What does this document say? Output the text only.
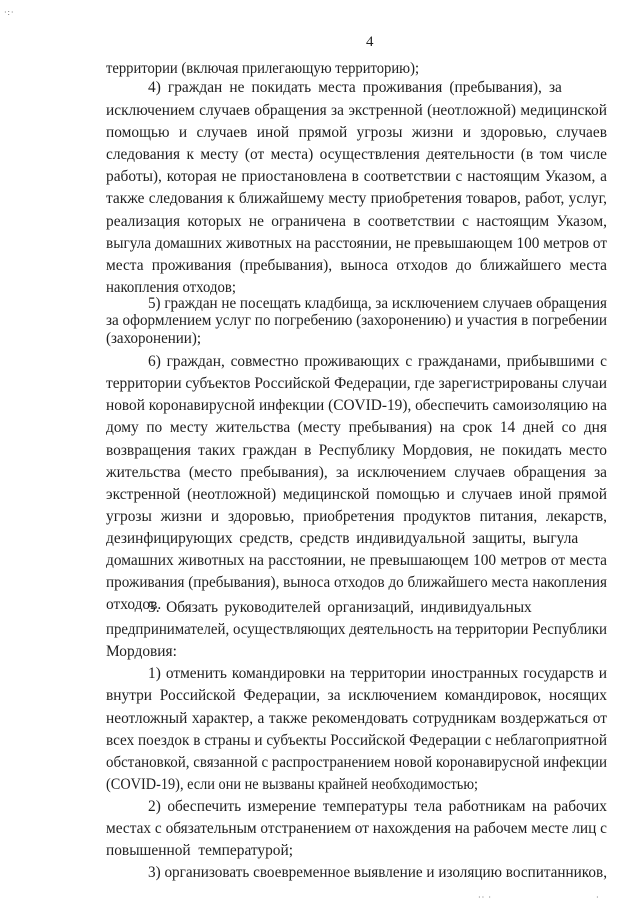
·:·
4
территории (включая прилегающую территорию);
4) граждан не покидать места проживания (пребывания), за
исключением случаев обращения за экстренной (неотложной) медицинской
помощью и случаев иной прямой угрозы жизни и здоровью, случаев
следования к месту (от места) осуществления деятельности (в том числе
работы), которая не приостановлена в соответствии с настоящим Указом, а
также следования к ближайшему месту приобретения товаров, работ, услуг,
реализация которых не ограничена в соответствии с настоящим Указом,
выгула домашних животных на расстоянии, не превышающем 100 метров от
места проживания (пребывания), выноса отходов до ближайшего места
накопления отходов;
5) граждан не посещать кладбища, за исключением случаев обращения
за оформлением услуг по погребению (захоронению) и участия в погребении
(захоронении);
6) граждан, совместно проживающих с гражданами, прибывшими с
территории субъектов Российской Федерации, где зарегистрированы случаи
новой коронавирусной инфекции (COVID-19), обеспечить самоизоляцию на
дому по месту жительства (месту пребывания) на срок 14 дней со дня
возвращения таких граждан в Республику Мордовия, не покидать место
жительства (место пребывания), за исключением случаев обращения за
экстренной (неотложной) медицинской помощью и случаев иной прямой
угрозы жизни и здоровью, приобретения продуктов питания, лекарств,
дезинфицирующих средств, средств индивидуальной защиты, выгула
домашних животных на расстоянии, не превышающем 100 метров от места
проживания (пребывания), выноса отходов до ближайшего места накопления
отходов.
5. Обязать руководителей организаций, индивидуальных
предпринимателей, осуществляющих деятельность на территории Республики
Мордовия:
1) отменить командировки на территории иностранных государств и
внутри Российской Федерации, за исключением командировок, носящих
неотложный характер, а также рекомендовать сотрудникам воздержаться от
всех поездок в страны и субъекты Российской Федерации с неблагоприятной
обстановкой, связанной с распространением новой коронавирусной инфекции
(COVID-19), если они не вызваны крайней необходимостью;
2) обеспечить измерение температуры тела работникам на рабочих
местах с обязательным отстранением от нахождения на рабочем месте лиц с
повышенной температурой;
3) организовать своевременное выявление и изоляцию воспитанников,
·· ·	·
